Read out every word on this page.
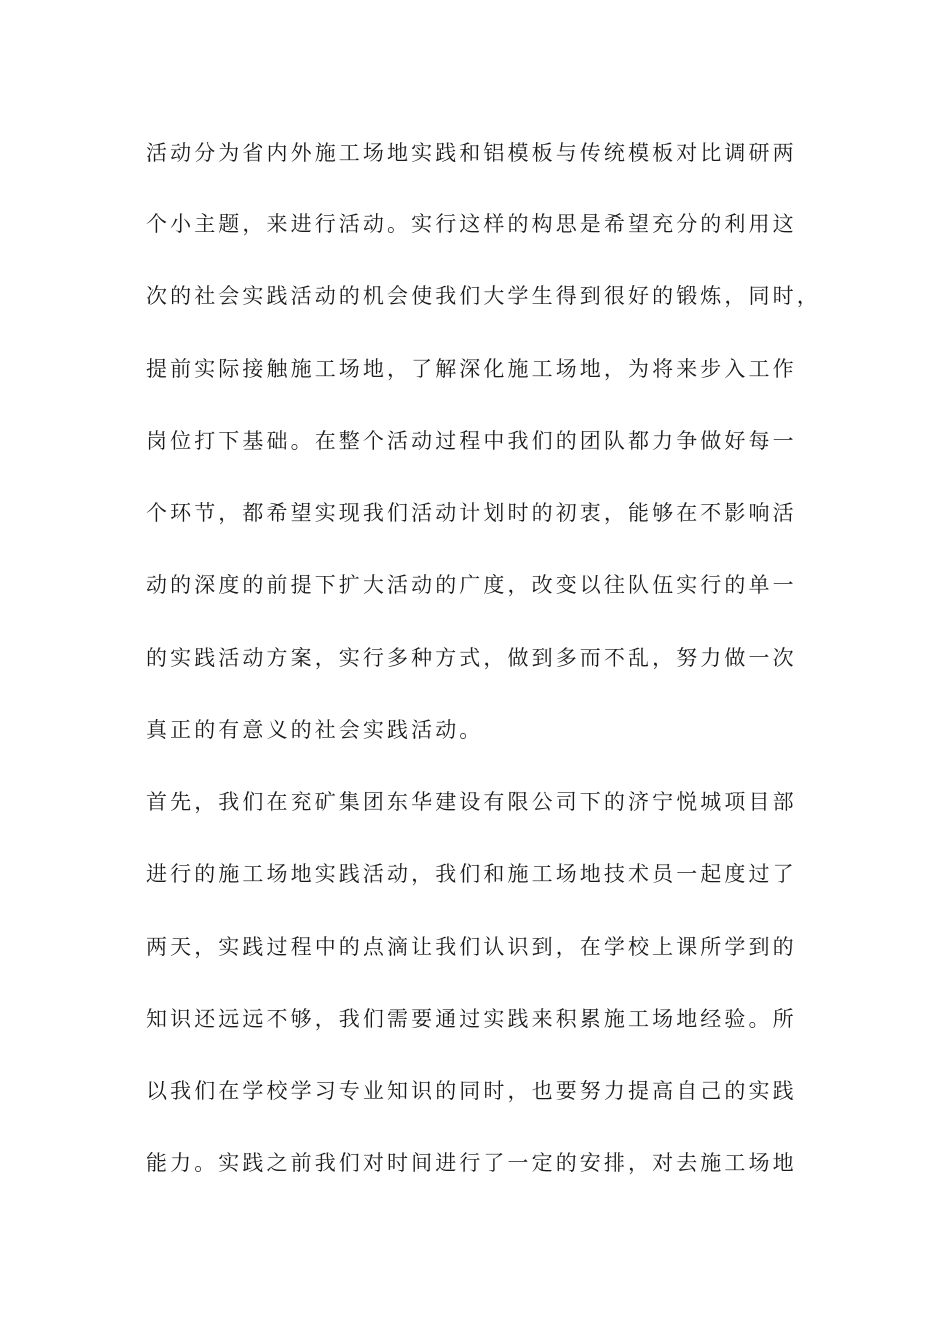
活动分为省内外施工场地实践和铝模板与传统模板对比调研两
个小主题，来进行活动。实行这样的构思是希望充分的利用这
次的社会实践活动的机会使我们大学生得到很好的锻炼，同时，
提前实际接触施工场地，了解深化施工场地，为将来步入工作
岗位打下基础。在整个活动过程中我们的团队都力争做好每一
个环节，都希望实现我们活动计划时的初衷，能够在不影响活
动的深度的前提下扩大活动的广度，改变以往队伍实行的单一
的实践活动方案，实行多种方式，做到多而不乱，努力做一次
真正的有意义的社会实践活动。
首先，我们在兖矿集团东华建设有限公司下的济宁悦城项目部
进行的施工场地实践活动，我们和施工场地技术员一起度过了
两天，实践过程中的点滴让我们认识到，在学校上课所学到的
知识还远远不够，我们需要通过实践来积累施工场地经验。所
以我们在学校学习专业知识的同时，也要努力提高自己的实践
能力。实践之前我们对时间进行了一定的安排，对去施工场地
